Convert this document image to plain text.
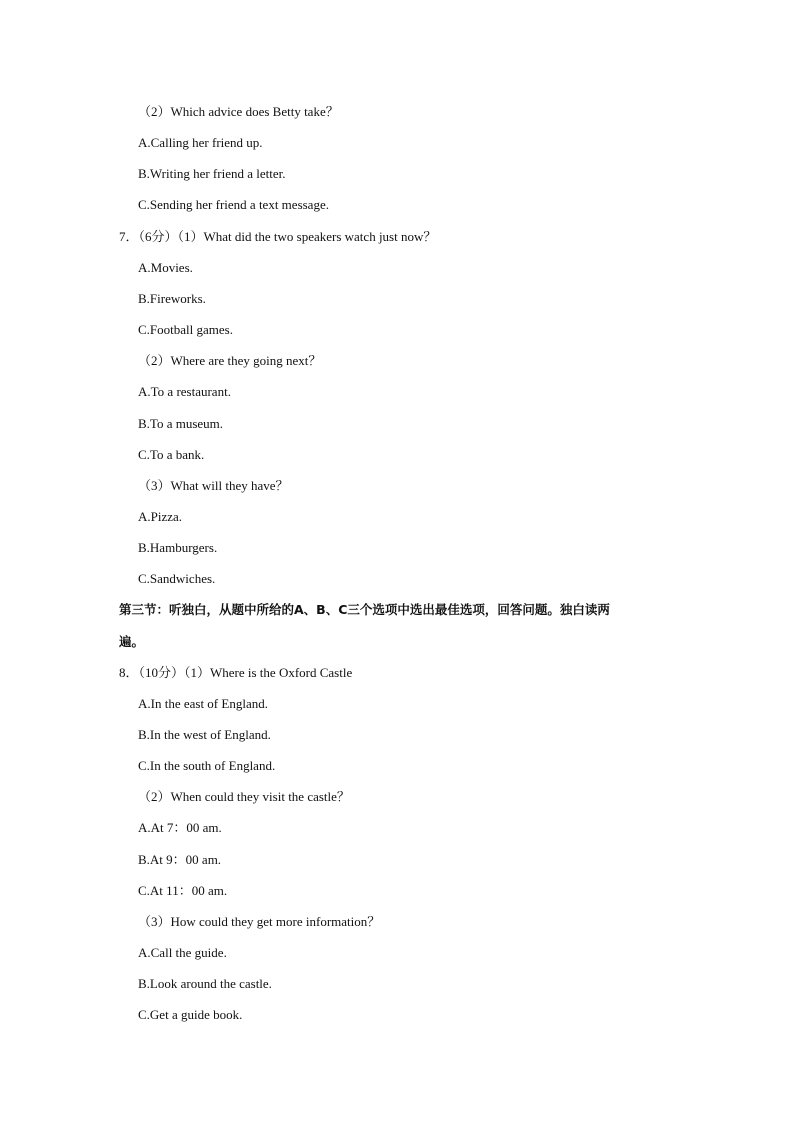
（2）Which advice does Betty take？
A.Calling her friend up.
B.Writing her friend a letter.
C.Sending her friend a text message.
7．（6分）（1）What did the two speakers watch just now？
A.Movies.
B.Fireworks.
C.Football games.
（2）Where are they going next？
A.To a restaurant.
B.To a museum.
C.To a bank.
（3）What will they have？
A.Pizza.
B.Hamburgers.
C.Sandwiches.
第三节：听独白，从题中所给的A、B、C三个选项中选出最佳选项，回答问题。独白读两
遍。
8．（10分）（1）Where is the Oxford Castle
A.In the east of England.
B.In the west of England.
C.In the south of England.
（2）When could they visit the castle？
A.At 7：00 am.
B.At 9：00 am.
C.At 11：00 am.
（3）How could they get more information？
A.Call the guide.
B.Look around the castle.
C.Get a guide book.
